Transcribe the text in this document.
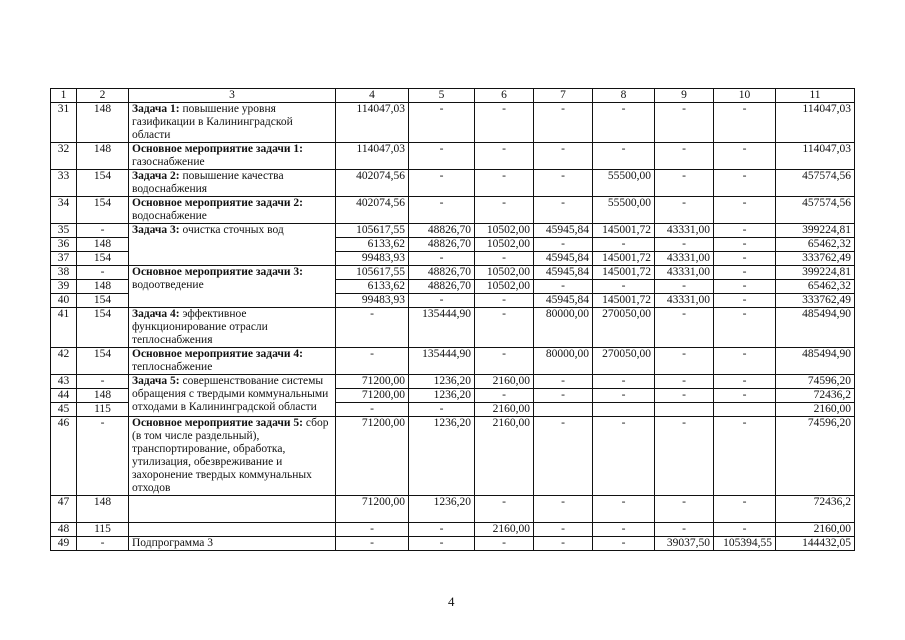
1	2	3	4	5	6	7	8	9	10	11
31	148	Задача 1: повышение уровня газификации в Калининградской области	114047,03	-	-	-	-	-	-	114047,03
32	148	Основное мероприятие задачи 1: газоснабжение	114047,03	-	-	-	-	-	-	114047,03
33	154	Задача 2: повышение качества водоснабжения	402074,56	-	-	-	55500,00	-	-	457574,56
34	154	Основное мероприятие задачи 2: водоснабжение	402074,56	-	-	-	55500,00	-	-	457574,56
35	-	Задача 3: очистка сточных вод	105617,55	48826,70	10502,00	45945,84	145001,72	43331,00	-	399224,81
36	148		6133,62	48826,70	10502,00	-	-	-	-	65462,32
37	154		99483,93	-	-	45945,84	145001,72	43331,00	-	333762,49
38	-	Основное мероприятие задачи 3: водоотведение	105617,55	48826,70	10502,00	45945,84	145001,72	43331,00	-	399224,81
39	148		6133,62	48826,70	10502,00	-	-	-	-	65462,32
40	154		99483,93	-	-	45945,84	145001,72	43331,00	-	333762,49
41	154	Задача 4: эффективное функционирование отрасли теплоснабжения	-	135444,90	-	80000,00	270050,00	-	-	485494,90
42	154	Основное мероприятие задачи 4: теплоснабжение	-	135444,90	-	80000,00	270050,00	-	-	485494,90
43	-	Задача 5: совершенствование системы обращения с твердыми коммунальными отходами в Калининградской области	71200,00	1236,20	2160,00	-	-	-	-	74596,20
44	148		71200,00	1236,20	-	-	-	-	-	72436,2
45	115		-	-	2160,00					2160,00
46	-	Основное мероприятие задачи 5: сбор (в том числе раздельный), транспортирование, обработка, утилизация, обезвреживание и захоронение твердых коммунальных отходов	71200,00	1236,20	2160,00	-	-	-	-	74596,20
47	148		71200,00	1236,20	-	-	-	-	-	72436,2
48	115		-	-	2160,00	-	-	-	-	2160,00
49	-	Подпрограмма 3	-	-	-	-	-	39037,50	105394,55	144432,05
4
